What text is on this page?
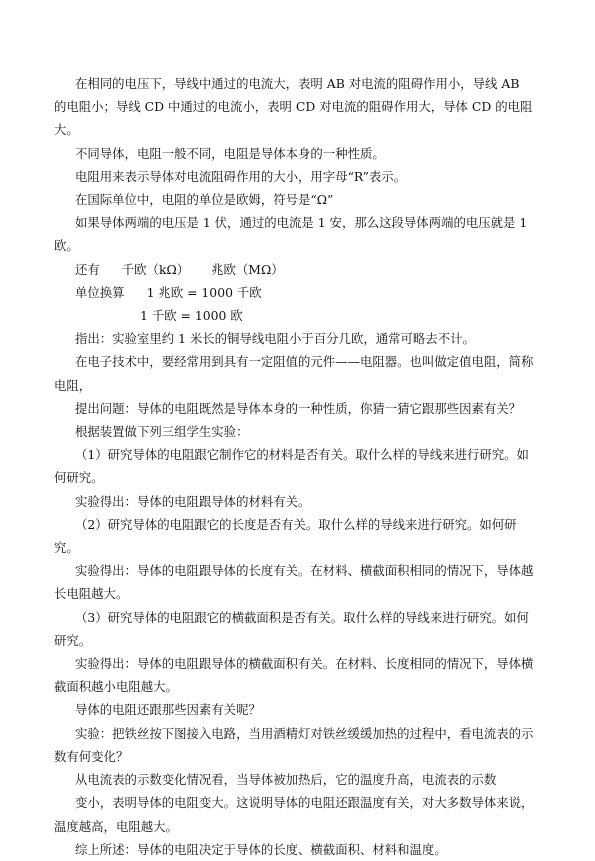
在相同的电压下，导线中通过的电流大，表明 AB 对电流的阻碍作用小，导线 AB 的电阻小；导线 CD 中通过的电流小，表明 CD 对电流的阻碍作用大，导体 CD 的电阻大。

不同导体，电阻一般不同，电阻是导体本身的一种性质。

电阻用来表示导体对电流阻碍作用的大小，用字母“R”表示。

在国际单位中，电阻的单位是欧姆，符号是“Ω”

如果导体两端的电压是 1 伏，通过的电流是 1 安，那么这段导体两端的电压就是 1 欧。

还有 千欧（kΩ） 兆欧（MΩ）

单位换算 1 兆欧 = 1000 千欧

1 千欧 = 1000 欧

指出：实验室里约 1 米长的铜导线电阻小于百分几欧，通常可略去不计。

在电子技术中，要经常用到具有一定阻值的元件——电阻器。也叫做定值电阻，简称电阻，

提出问题：导体的电阻既然是导体本身的一种性质，你猜一猜它跟那些因素有关？

根据装置做下列三组学生实验：

（1）研究导体的电阻跟它制作它的材料是否有关。取什么样的导线来进行研究。如何研究。

实验得出：导体的电阻跟导体的材料有关。

（2）研究导体的电阻跟它的长度是否有关。取什么样的导线来进行研究。如何研究。

实验得出：导体的电阻跟导体的长度有关。在材料、横截面积相同的情况下，导体越长电阻越大。

（3）研究导体的电阻跟它的横截面积是否有关。取什么样的导线来进行研究。如何研究。

实验得出：导体的电阻跟导体的横截面积有关。在材料、长度相同的情况下，导体横截面积越小电阻越大。

导体的电阻还跟那些因素有关呢？

实验：把铁丝按下图接入电路，当用酒精灯对铁丝缓缓加热的过程中，看电流表的示数有何变化？

从电流表的示数变化情况看，当导体被加热后，它的温度升高，电流表的示数

变小，表明导体的电阻变大。这说明导体的电阻还跟温度有关，对大多数导体来说，温度越高，电阻越大。

综上所述：导体的电阻决定于导体的长度、横截面积、材料和温度。
